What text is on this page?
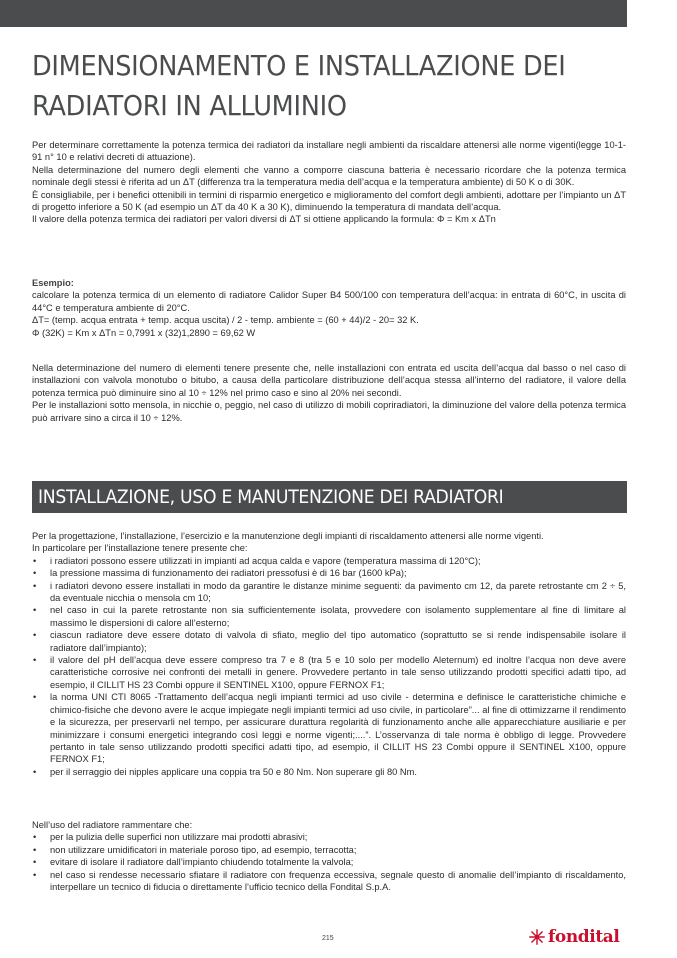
DIMENSIONAMENTO E INSTALLAZIONE DEI RADIATORI IN ALLUMINIO

Per determinare correttamente la potenza termica dei radiatori da installare negli ambienti da riscaldare attenersi alle norme vigenti(legge 10-1-91 n° 10 e relativi decreti di attuazione).

Nella determinazione del numero degli elementi che vanno a comporre ciascuna batteria è necessario ricordare che la potenza termica nominale degli stessi è riferita ad un ΔT (differenza tra la temperatura media dell’acqua e la temperatura ambiente) di 50 K o di 30K.

È consigliabile, per i benefici ottenibili in termini di risparmio energetico e miglioramento del comfort degli ambienti, adottare per l’impianto un ΔT di progetto inferiore a 50 K (ad esempio un ΔT da 40 K a 30 K), diminuendo la temperatura di mandata dell’acqua.

Il valore della potenza termica dei radiatori per valori diversi di ΔT si ottiene applicando la formula: Φ = Km x ΔTn

Esempio:

calcolare la potenza termica di un elemento di radiatore Calidor Super B4 500/100 con temperatura dell’acqua: in entrata di 60°C, in uscita di 44°C e temperatura ambiente di 20°C.

ΔT= (temp. acqua entrata + temp. acqua uscita) / 2 - temp. ambiente = (60 + 44)/2 - 20= 32 K.

Φ (32K) = Km x ΔTn = 0,7991 x (32)1,2890 = 69,62 W

Nella determinazione del numero di elementi tenere presente che, nelle installazioni con entrata ed uscita dell’acqua dal basso o nel caso di installazioni con valvola monotubo o bitubo, a causa della particolare distribuzione dell’acqua stessa all’interno del radiatore, il valore della potenza termica può diminuire sino al 10 ÷ 12% nel primo caso e sino al 20% nei secondi.

Per le installazioni sotto mensola, in nicchie o, peggio, nel caso di utilizzo di mobili copriradiatori, la diminuzione del valore della potenza termica può arrivare sino a circa il 10 ÷ 12%.

INSTALLAZIONE, USO E MANUTENZIONE DEI RADIATORI

Per la progettazione, l’installazione, l’esercizio e la manutenzione degli impianti di riscaldamento attenersi alle norme vigenti.

In particolare per l’installazione tenere presente che:

• i radiatori possono essere utilizzati in impianti ad acqua calda e vapore (temperatura massima di 120°C);
• la pressione massima di funzionamento dei radiatori pressofusi è di 16 bar (1600 kPa);
• i radiatori devono essere installati in modo da garantire le distanze minime seguenti: da pavimento cm 12, da parete retrostante cm 2 ÷ 5, da eventuale nicchia o mensola cm 10;
• nel caso in cui la parete retrostante non sia sufficientemente isolata, provvedere con isolamento supplementare al fine di limitare al massimo le dispersioni di calore all’esterno;
• ciascun radiatore deve essere dotato di valvola di sfiato, meglio del tipo automatico (soprattutto se si rende indispensabile isolare il radiatore dall’impianto);
• il valore del pH dell’acqua deve essere compreso tra 7 e 8 (tra 5 e 10 solo per modello Aleternum) ed inoltre l’acqua non deve avere caratteristiche corrosive nei confronti dei metalli in genere. Provvedere pertanto in tale senso utilizzando prodotti specifici adatti tipo, ad esempio, il CILLIT HS 23 Combi oppure il SENTINEL X100, oppure FERNOX F1;
• la norma UNI CTI 8065 -Trattamento dell’acqua negli impianti termici ad uso civile - determina e definisce le caratteristiche chimiche e chimico-fisiche che devono avere le acque impiegate negli impianti termici ad uso civile, in particolare”... al fine di ottimizzarne il rendimento e la sicurezza, per preservarli nel tempo, per assicurare durattura regolarità di funzionamento anche alle apparecchiature ausiliarie e per minimizzare i consumi energetici integrando così leggi e norme vigenti;....”. L’osservanza di tale norma è obbligo di legge. Provvedere pertanto in tale senso utilizzando prodotti specifici adatti tipo, ad esempio, il CILLIT HS 23 Combi oppure il SENTINEL X100, oppure FERNOX F1;
• per il serraggio dei nipples applicare una coppia tra 50 e 80 Nm. Non superare gli 80 Nm.

Nell’uso del radiatore rammentare che:

• per la pulizia delle superfici non utilizzare mai prodotti abrasivi;
• non utilizzare umidificatori in materiale poroso tipo, ad esempio, terracotta;
• evitare di isolare il radiatore dall’impianto chiudendo totalmente la valvola;
• nel caso si rendesse necessario sfiatare il radiatore con frequenza eccessiva, segnale questo di anomalie dell’impianto di riscaldamento, interpellare un tecnico di fiducia o direttamente l’ufficio tecnico della Fondital S.p.A.
215	fondital
